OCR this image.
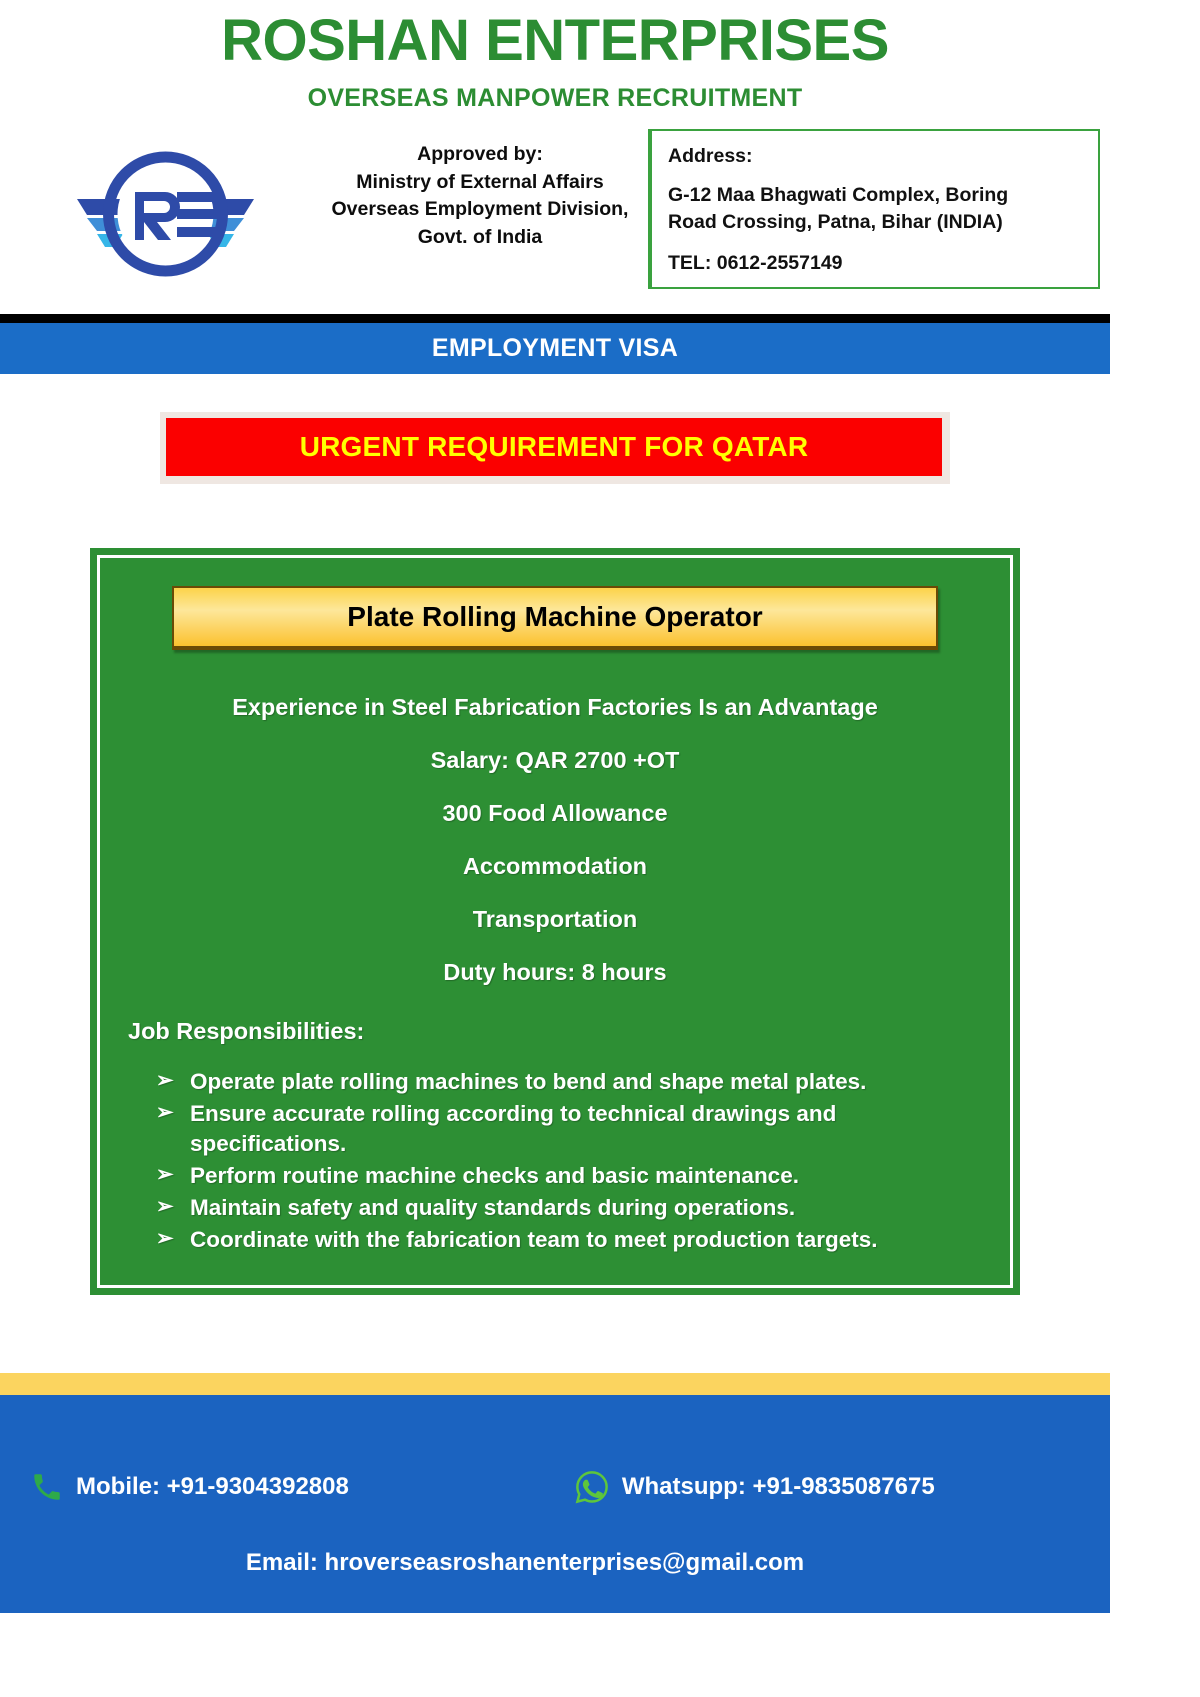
ROSHAN ENTERPRISES
OVERSEAS MANPOWER RECRUITMENT
Approved by:
Ministry of External Affairs
Overseas Employment Division,
Govt. of India
Address:
G-12 Maa Bhagwati Complex, Boring
Road Crossing, Patna, Bihar (INDIA)
TEL: 0612-2557149
EMPLOYMENT VISA
URGENT REQUIREMENT FOR QATAR
Plate Rolling Machine Operator
Experience in Steel Fabrication Factories Is an Advantage
Salary: QAR 2700 +OT
300 Food Allowance
Accommodation
Transportation
Duty hours: 8 hours
Job Responsibilities:
➢ Operate plate rolling machines to bend and shape metal plates.
➢ Ensure accurate rolling according to technical drawings and specifications.
➢ Perform routine machine checks and basic maintenance.
➢ Maintain safety and quality standards during operations.
➢ Coordinate with the fabrication team to meet production targets.
Mobile: +91-9304392808	Whatsupp: +91-9835087675
Email: hroverseasroshanenterprises@gmail.com
